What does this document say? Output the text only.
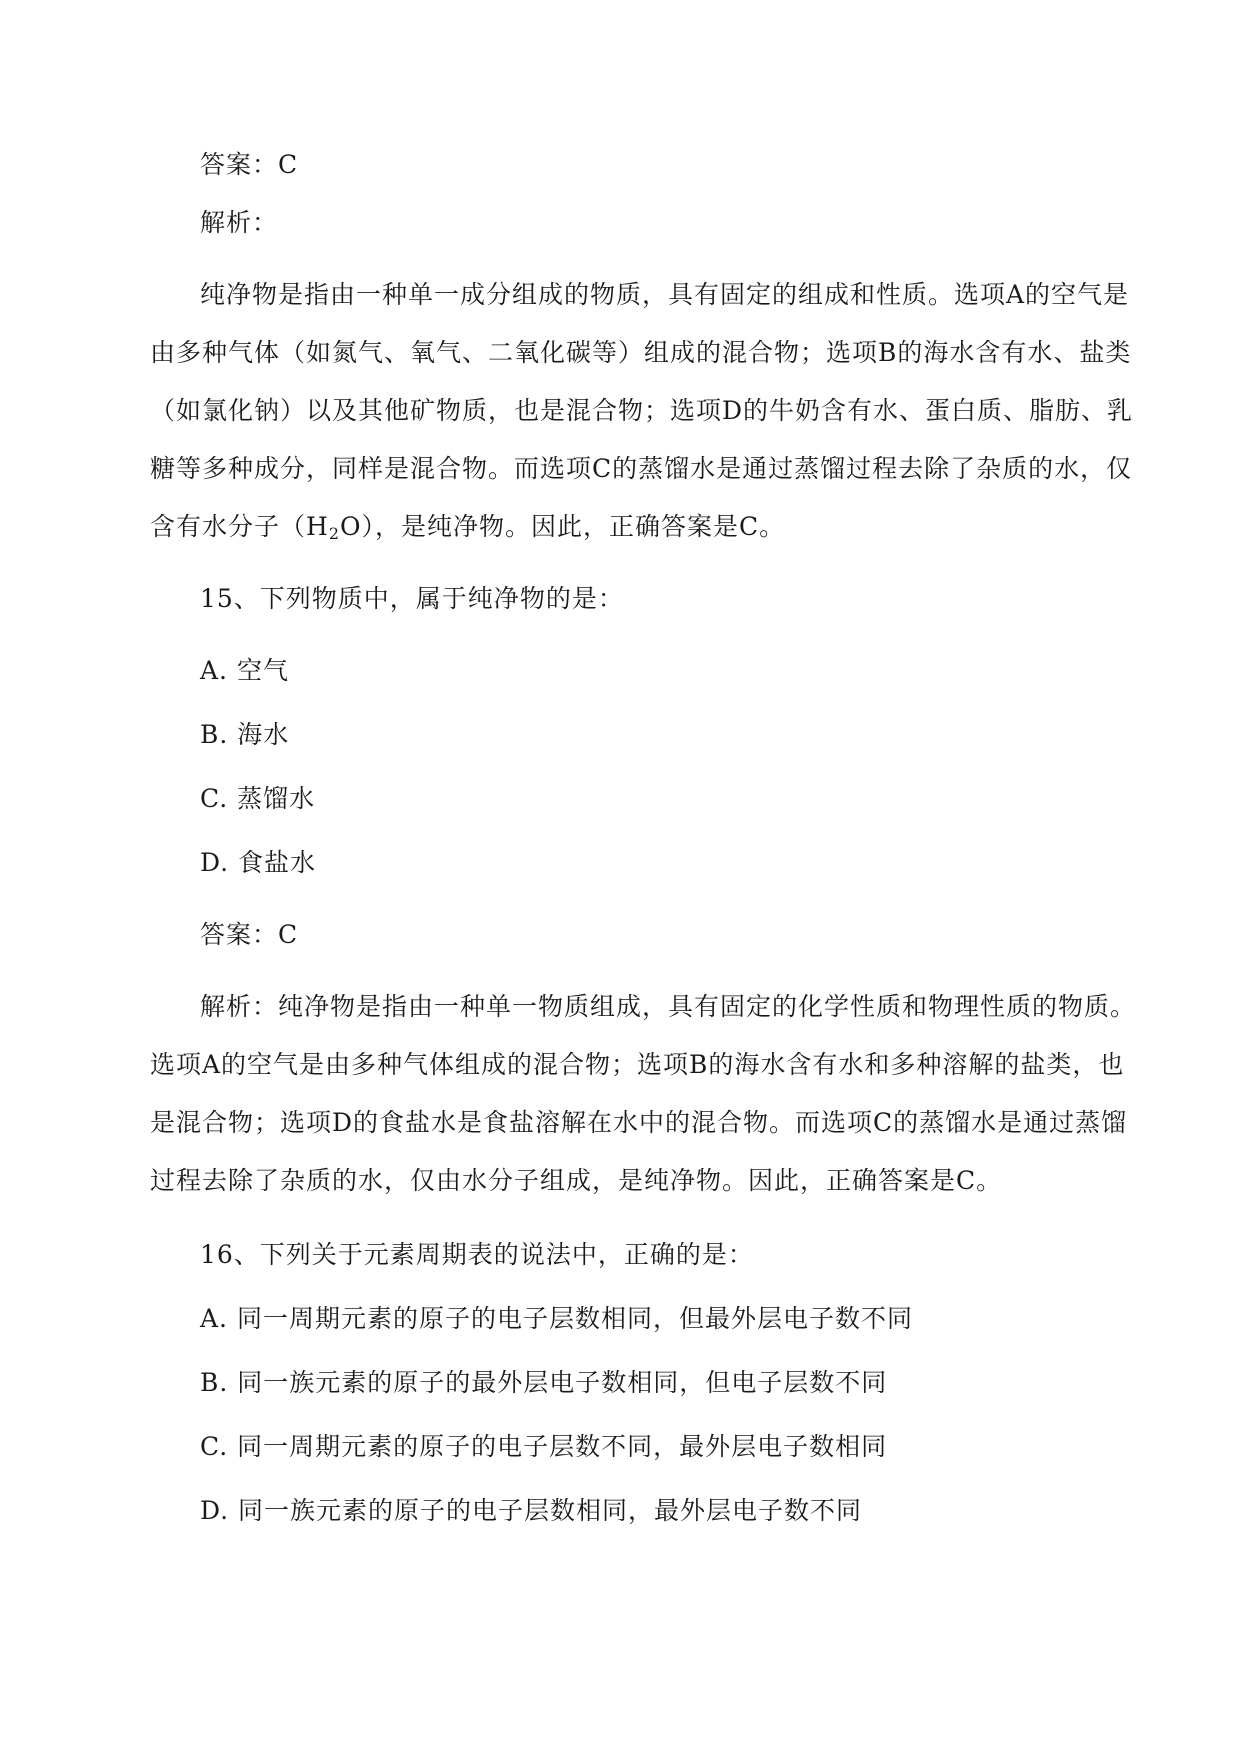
答案：C
解析：
纯净物是指由一种单一成分组成的物质，具有固定的组成和性质。选项A的空气是
由多种气体（如氮气、氧气、二氧化碳等）组成的混合物；选项B的海水含有水、盐类
（如氯化钠）以及其他矿物质，也是混合物；选项D的牛奶含有水、蛋白质、脂肪、乳
糖等多种成分，同样是混合物。而选项C的蒸馏水是通过蒸馏过程去除了杂质的水，仅
含有水分子$(H_2O)$，是纯净物。因此，正确答案是C。
15、下列物质中，属于纯净物的是：
A. 空气
B. 海水
C. 蒸馏水
D. 食盐水
答案：C
解析：纯净物是指由一种单一物质组成，具有固定的化学性质和物理性质的物质。
选项A的空气是由多种气体组成的混合物；选项B的海水含有水和多种溶解的盐类，也
是混合物；选项D的食盐水是食盐溶解在水中的混合物。而选项C的蒸馏水是通过蒸馏
过程去除了杂质的水，仅由水分子组成，是纯净物。因此，正确答案是C。
16、下列关于元素周期表的说法中，正确的是：
A. 同一周期元素的原子的电子层数相同，但最外层电子数不同
B. 同一族元素的原子的最外层电子数相同，但电子层数不同
C. 同一周期元素的原子的电子层数不同，最外层电子数相同
D. 同一族元素的原子的电子层数相同，最外层电子数不同
